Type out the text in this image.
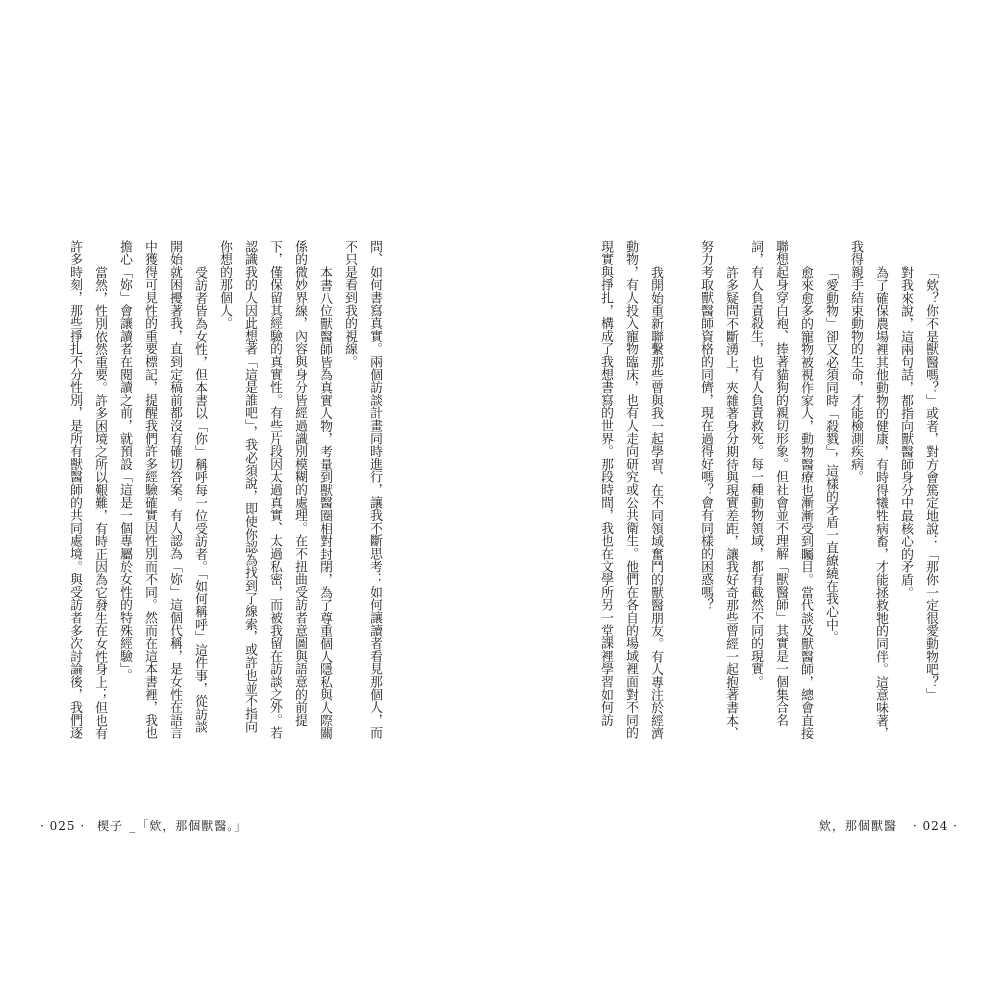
問、如何書寫真實。兩個訪談計畫同時進行，讓我不斷思考：如何讓讀者看見那個人，而
不只是看到我的視線。
本書八位獸醫師皆為真實人物，考量到獸醫圈相對封閉，為了尊重個人隱私與人際關
係的微妙界線，內容與身分皆經過識別模糊的處理。在不扭曲受訪者意圖與語意的前提
下，僅保留其經驗的真實性。有些片段因太過真實、太過私密，而被我留在訪談之外。若
認識我的人因此想著「這是誰吧」，我必須說，即使你認為找到了線索，或許也並不指向
你想的那個人。
受訪者皆為女性，但本書以「你」稱呼每一位受訪者。「如何稱呼」這件事，從訪談
開始就困擾著我，直到定稿前都沒有確切答案。有人認為「妳」這個代稱，是女性在語言
中獲得可見性的重要標記，提醒我們許多經驗確實因性別而不同。然而在這本書裡，我也
擔心「妳」會讓讀者在閱讀之前，就預設「這是一個專屬於女性的特殊經驗」。
當然，性別依然重要。許多困境之所以艱難，有時正因為它發生在女性身上；但也有
許多時刻，那些掙扎不分性別，是所有獸醫師的共同處境。與受訪者多次討論後，我們逐
· 025 · 楔子 _「欸，那個獸醫。」
「欸？你不是獸醫嗎？」或者，對方會篤定地說：「那你一定很愛動物吧？」
對我來說，這兩句話，都指向獸醫師身分中最核心的矛盾。
為了確保農場裡其他動物的健康，有時得犧牲病畜，才能拯救牠的同伴。這意味著，
我得親手結束動物的生命，才能檢測疾病。
「愛動物」卻又必須同時「殺戮」，這樣的矛盾一直繚繞在我心中。
愈來愈多的寵物被視作家人，動物醫療也漸漸受到矚目。當代談及獸醫師，總會直接
聯想起身穿白袍、捧著貓狗的親切形象。但社會並不理解「獸醫師」其實是一個集合名
詞，有人負責殺生，也有人負責救死。每一種動物領域，都有截然不同的現實。
許多疑問不斷湧上，夾雜著身分期待與現實差距，讓我好奇那些曾經一起抱著書本、
努力考取獸醫師資格的同儕，現在過得好嗎？會有同樣的困惑嗎？
我開始重新聯繫那些曾與我一起學習、在不同領域奮鬥的獸醫朋友。有人專注於經濟
動物，有人投入寵物臨床，也有人走向研究或公共衛生。他們在各自的場域裡面對不同的
現實與掙扎，構成了我想書寫的世界。那段時間，我也在文學所另一堂課裡學習如何訪
欸，那個獸醫 · 024 ·
